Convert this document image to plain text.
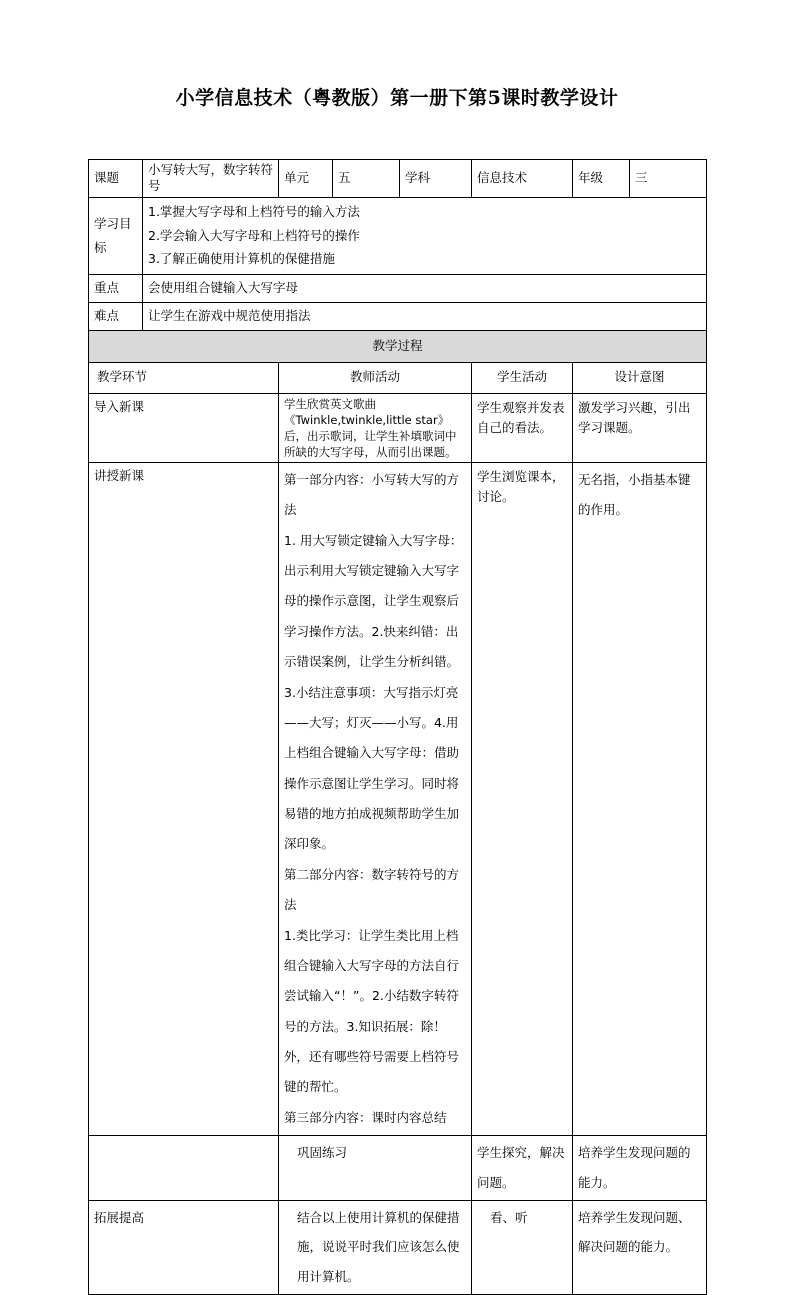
小学信息技术（粤教版）第一册下第5课时教学设计
课题	小写转大写，数字转符号	单元	五	学科	信息技术	年级	三
学习目标	1.掌握大写字母和上档符号的输入方法
2.学会输入大写字母和上档符号的操作
3.了解正确使用计算机的保健措施						

重点	会使用组合键输入大写字母						
难点	让学生在游戏中规范使用指法						
教学过程							
教学环节		教师活动			学生活动	设计意图	
导入新课		学生欣赏英文歌曲《Twinkle,twinkle,little star》后，出示歌词，让学生补填歌词中所缺的大写字母，从而引出课题。			学生观察并发表自己的看法。	激发学习兴趣，引出学习课题。	
讲授新课		第一部分内容：小写转大写的方法
1. 用大写锁定键输入大写字母：出示利用大写锁定键输入大写字母的操作示意图，让学生观察后学习操作方法。2.快来纠错：出示错误案例，让学生分析纠错。3.小结注意事项：大写指示灯亮——大写；灯灭——小写。4.用上档组合键输入大写字母：借助操作示意图让学生学习。同时将易错的地方拍成视频帮助学生加深印象。
第二部分内容：数字转符号的方法
1.类比学习：让学生类比用上档组合键输入大写字母的方法自行尝试输入“！”。2.小结数字转符号的方法。3.知识拓展：除！外，还有哪些符号需要上档符号键的帮忙。
第三部分内容：课时内容总结			学生浏览课本，讨论。	无名指，小指基本键的作用。	
		巩固练习			学生探究，解决问题。	培养学生发现问题的能力。	
拓展提高		结合以上使用计算机的保健措施，说说平时我们应该怎么使用计算机。			看、听	培养学生发现问题、解决问题的能力。	
